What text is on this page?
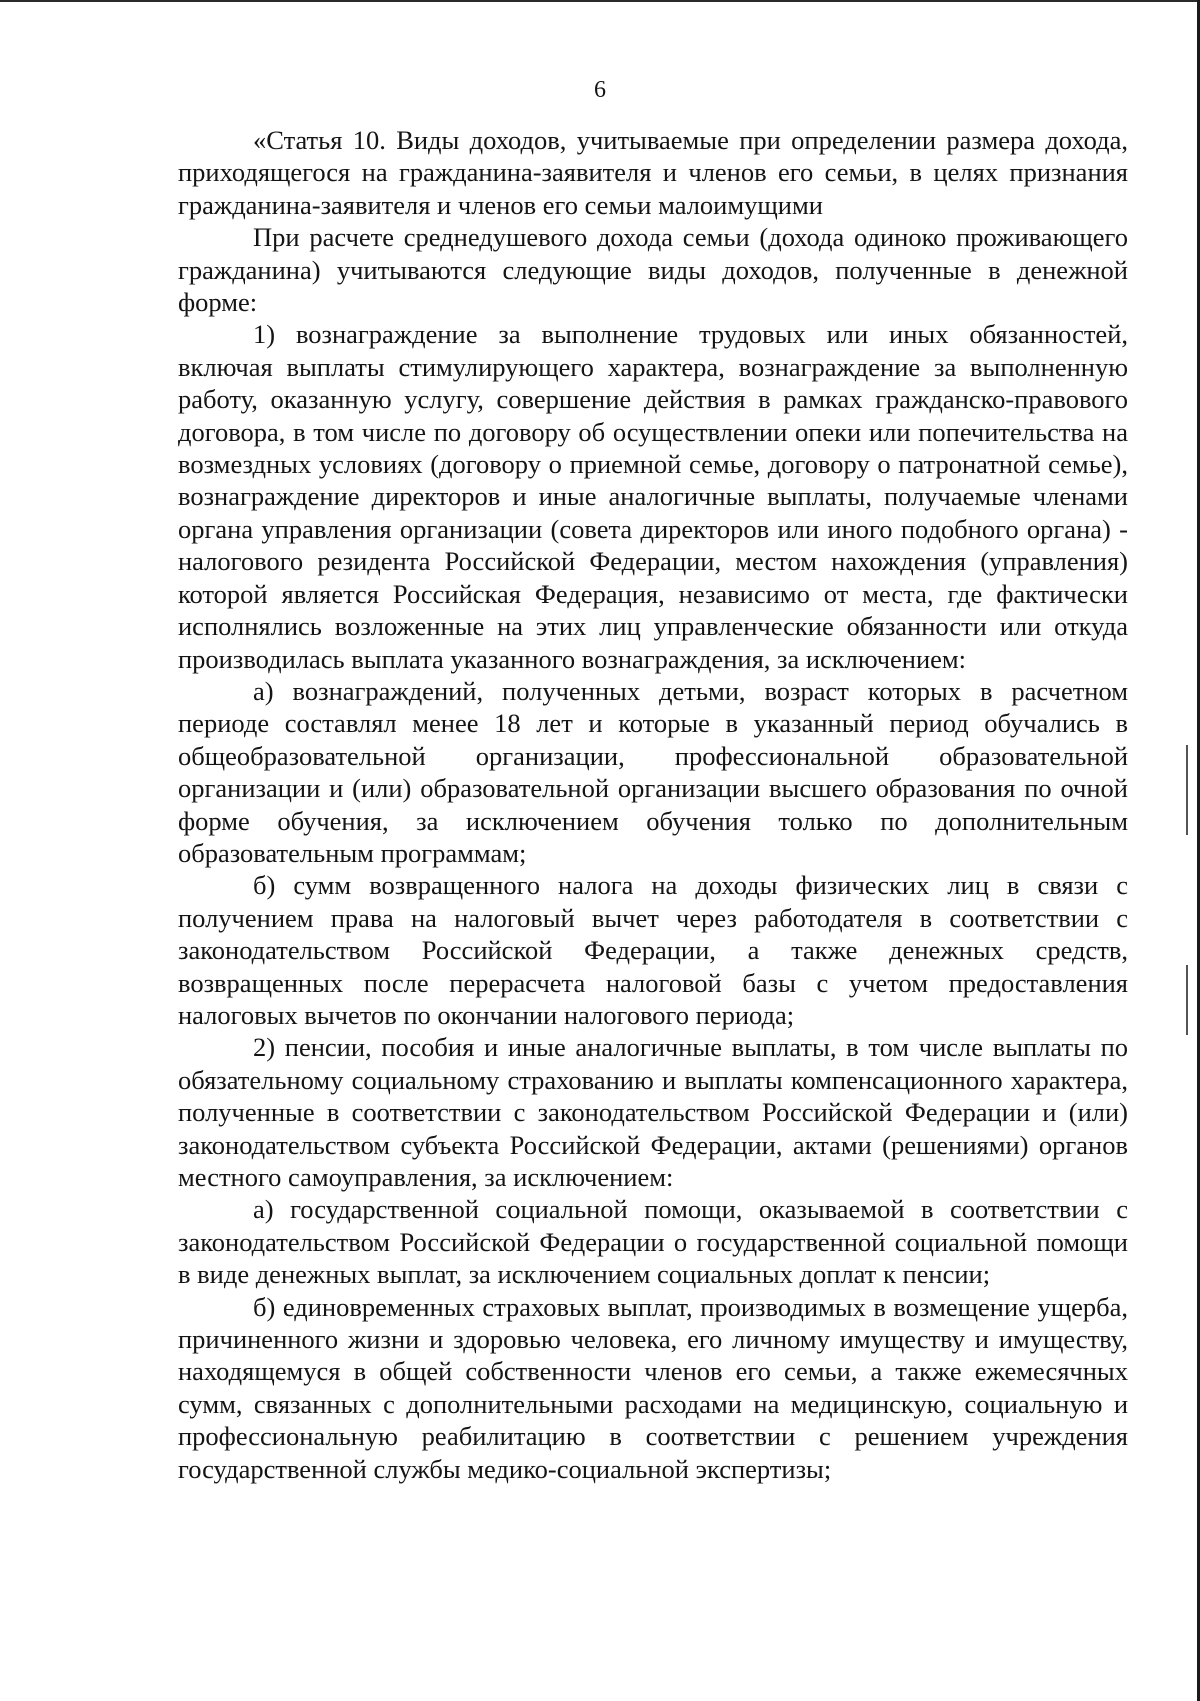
6

«Статья 10. Виды доходов, учитываемые при определении размера дохода, приходящегося на гражданина-заявителя и членов его семьи, в целях признания гражданина-заявителя и членов его семьи малоимущими

При расчете среднедушевого дохода семьи (дохода одиноко проживающего гражданина) учитываются следующие виды доходов, полученные в денежной форме:

1) вознаграждение за выполнение трудовых или иных обязанностей, включая выплаты стимулирующего характера, вознаграждение за выполненную работу, оказанную услугу, совершение действия в рамках гражданско-правового договора, в том числе по договору об осуществлении опеки или попечительства на возмездных условиях (договору о приемной семье, договору о патронатной семье), вознаграждение директоров и иные аналогичные выплаты, получаемые членами органа управления организации (совета директоров или иного подобного органа) - налогового резидента Российской Федерации, местом нахождения (управления) которой является Российская Федерация, независимо от места, где фактически исполнялись возложенные на этих лиц управленческие обязанности или откуда производилась выплата указанного вознаграждения, за исключением:

а) вознаграждений, полученных детьми, возраст которых в расчетном периоде составлял менее 18 лет и которые в указанный период обучались в общеобразовательной организации, профессиональной образовательной организации и (или) образовательной организации высшего образования по очной форме обучения, за исключением обучения только по дополнительным образовательным программам;

б) сумм возвращенного налога на доходы физических лиц в связи с получением права на налоговый вычет через работодателя в соответствии с законодательством Российской Федерации, а также денежных средств, возвращенных после перерасчета налоговой базы с учетом предоставления налоговых вычетов по окончании налогового периода;

2) пенсии, пособия и иные аналогичные выплаты, в том числе выплаты по обязательному социальному страхованию и выплаты компенсационного характера, полученные в соответствии с законодательством Российской Федерации и (или) законодательством субъекта Российской Федерации, актами (решениями) органов местного самоуправления, за исключением:

а) государственной социальной помощи, оказываемой в соответствии с законодательством Российской Федерации о государственной социальной помощи в виде денежных выплат, за исключением социальных доплат к пенсии;

б) единовременных страховых выплат, производимых в возмещение ущерба, причиненного жизни и здоровью человека, его личному имуществу и имуществу, находящемуся в общей собственности членов его семьи, а также ежемесячных сумм, связанных с дополнительными расходами на медицинскую, социальную и профессиональную реабилитацию в соответствии с решением учреждения государственной службы медико-социальной экспертизы;
